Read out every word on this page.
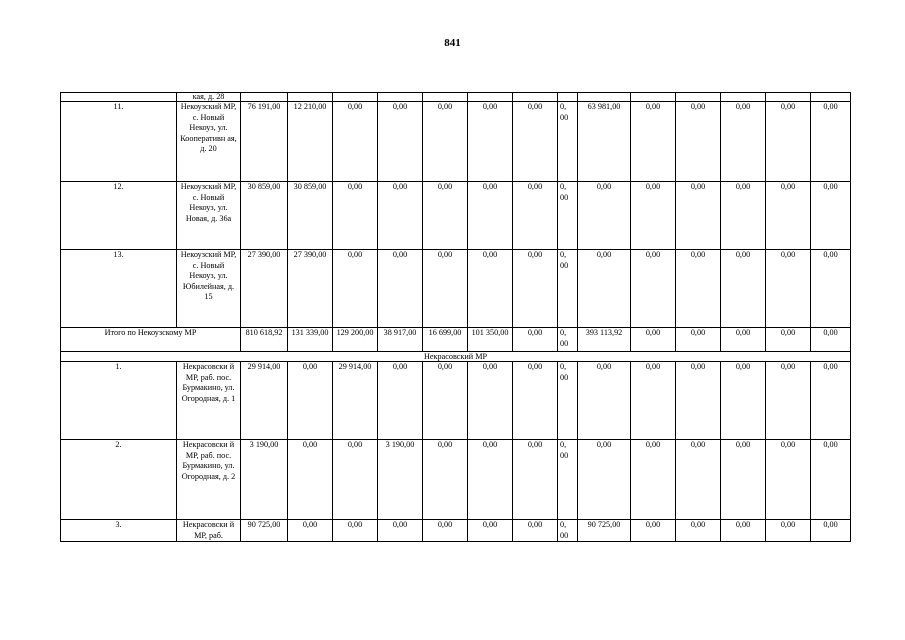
841
	кая, д. 28														
11.	Некоузский МР, с. Новый Некоуз, ул. Кооперативн ая, д. 20	76 191,00	12 210,00	0,00	0,00	0,00	0,00	0,00	0, 00	63 981,00	0,00	0,00	0,00	0,00	0,00
12.	Некоузский МР, с. Новый Некоуз, ул. Новая, д. 36а	30 859,00	30 859,00	0,00	0,00	0,00	0,00	0,00	0, 00	0,00	0,00	0,00	0,00	0,00	0,00
13.	Некоузский МР, с. Новый Некоуз, ул. Юбилейная, д. 15	27 390,00	27 390,00	0,00	0,00	0,00	0,00	0,00	0, 00	0,00	0,00	0,00	0,00	0,00	0,00
Итого по Некоузскому МР		810 618,92	131 339,00	129 200,00	38 917,00	16 699,00	101 350,00	0,00	0, 00	393 113,92	0,00	0,00	0,00	0,00	0,00
Некрасовский МР															
1.	Некрасовски й МР, раб. пос. Бурмакино, ул. Огородная, д. 1	29 914,00	0,00	29 914,00	0,00	0,00	0,00	0,00	0, 00	0,00	0,00	0,00	0,00	0,00	0,00
2.	Некрасовски й МР, раб. пос. Бурмакино, ул. Огородная, д. 2	3 190,00	0,00	0,00	3 190,00	0,00	0,00	0,00	0, 00	0,00	0,00	0,00	0,00	0,00	0,00
3.	Некрасовски й МР, раб.	90 725,00	0,00	0,00	0,00	0,00	0,00	0,00	0, 00	90 725,00	0,00	0,00	0,00	0,00	0,00
